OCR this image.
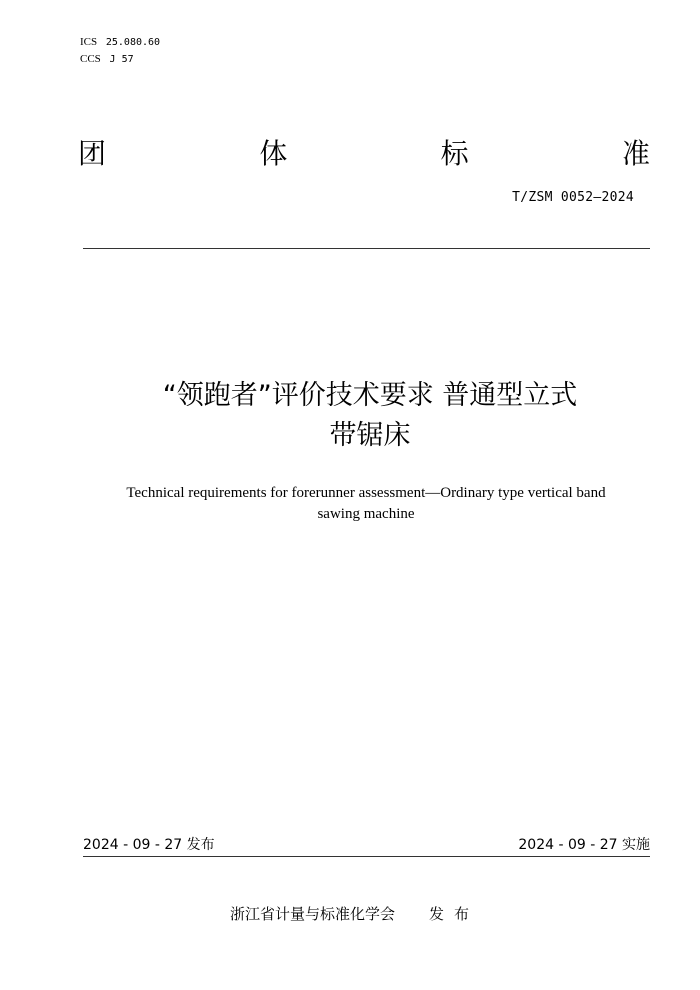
ICS 25.080.60
CCS J 57
团	体	标	准
T/ZSM 0052—2024
“领跑者”评价技术要求 普通型立式
带锯床
Technical requirements for forerunner assessment—Ordinary type vertical band
sawing machine
2024 - 09 - 27 发布	2024 - 09 - 27 实施
浙江省计量与标准化学会 发布
